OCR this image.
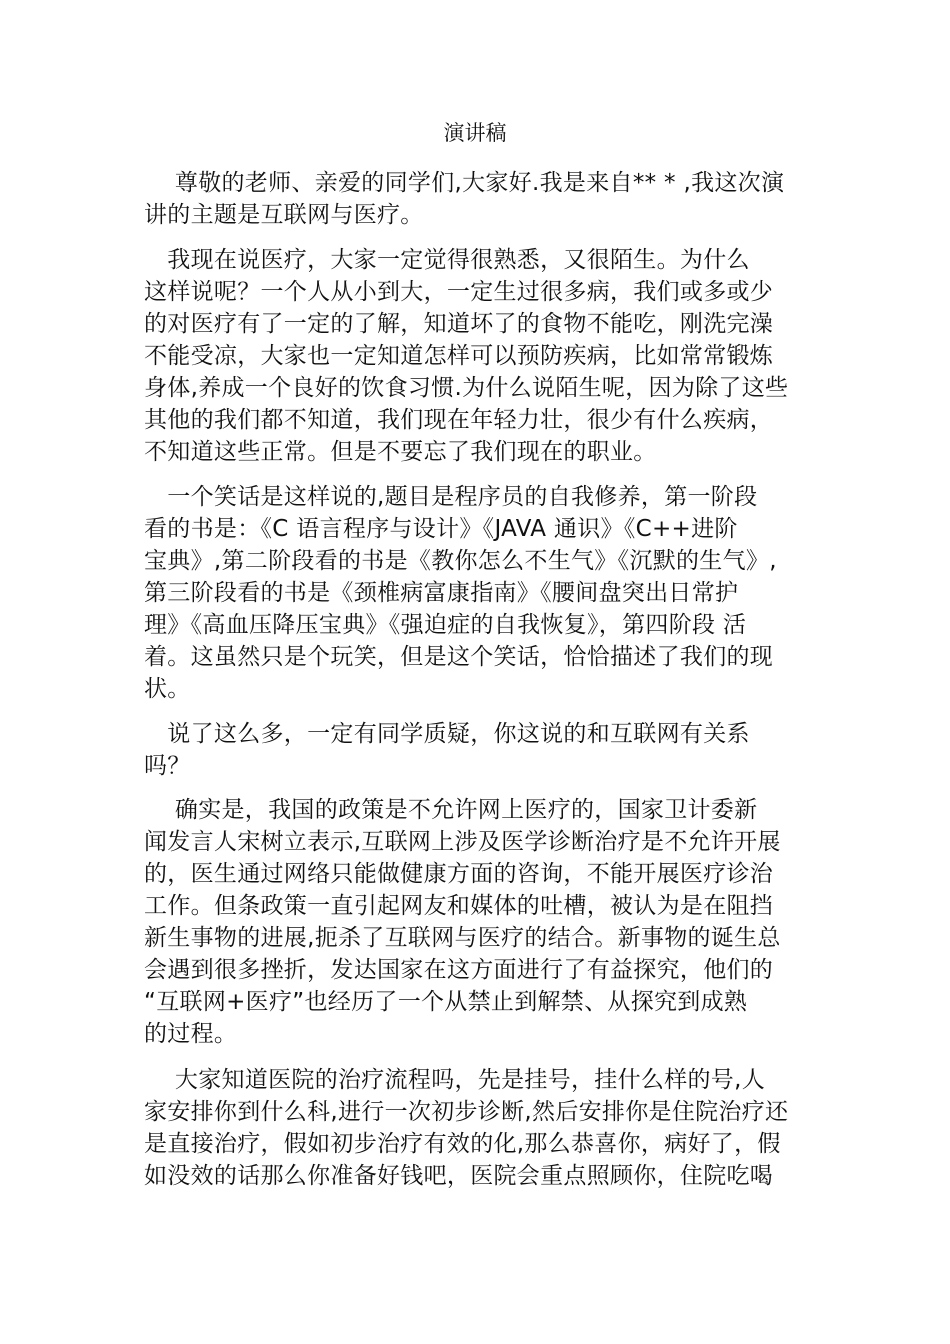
演讲稿
　 尊敬的老师、亲爱的同学们,大家好.我是来自** * ,我这次演
讲的主题是互联网与医疗。
　我现在说医疗，大家一定觉得很熟悉，又很陌生。为什么
这样说呢？一个人从小到大，一定生过很多病，我们或多或少
的对医疗有了一定的了解，知道坏了的食物不能吃，刚洗完澡
不能受凉，大家也一定知道怎样可以预防疾病，比如常常锻炼
身体,养成一个良好的饮食习惯.为什么说陌生呢，因为除了这些
其他的我们都不知道，我们现在年轻力壮，很少有什么疾病，
不知道这些正常。但是不要忘了我们现在的职业。
　一个笑话是这样说的,题目是程序员的自我修养，第一阶段
看的书是：《C 语言程序与设计》《JAVA 通识》《C++进阶
宝典》,第二阶段看的书是《教你怎么不生气》《沉默的生气》,
第三阶段看的书是《颈椎病富康指南》《腰间盘突出日常护
理》《高血压降压宝典》《强迫症的自我恢复》，第四阶段 活
着。这虽然只是个玩笑，但是这个笑话，恰恰描述了我们的现
状。
　说了这么多，一定有同学质疑，你这说的和互联网有关系
吗？
　 确实是，我国的政策是不允许网上医疗的，国家卫计委新
闻发言人宋树立表示,互联网上涉及医学诊断治疗是不允许开展
的，医生通过网络只能做健康方面的咨询，不能开展医疗诊治
工作。但条政策一直引起网友和媒体的吐槽，被认为是在阻挡
新生事物的进展,扼杀了互联网与医疗的结合。新事物的诞生总
会遇到很多挫折，发达国家在这方面进行了有益探究，他们的
“互联网+医疗”也经历了一个从禁止到解禁、从探究到成熟
的过程。
　 大家知道医院的治疗流程吗，先是挂号，挂什么样的号,人
家安排你到什么科,进行一次初步诊断,然后安排你是住院治疗还
是直接治疗，假如初步治疗有效的化,那么恭喜你，病好了，假
如没效的话那么你准备好钱吧，医院会重点照顾你，住院吃喝
